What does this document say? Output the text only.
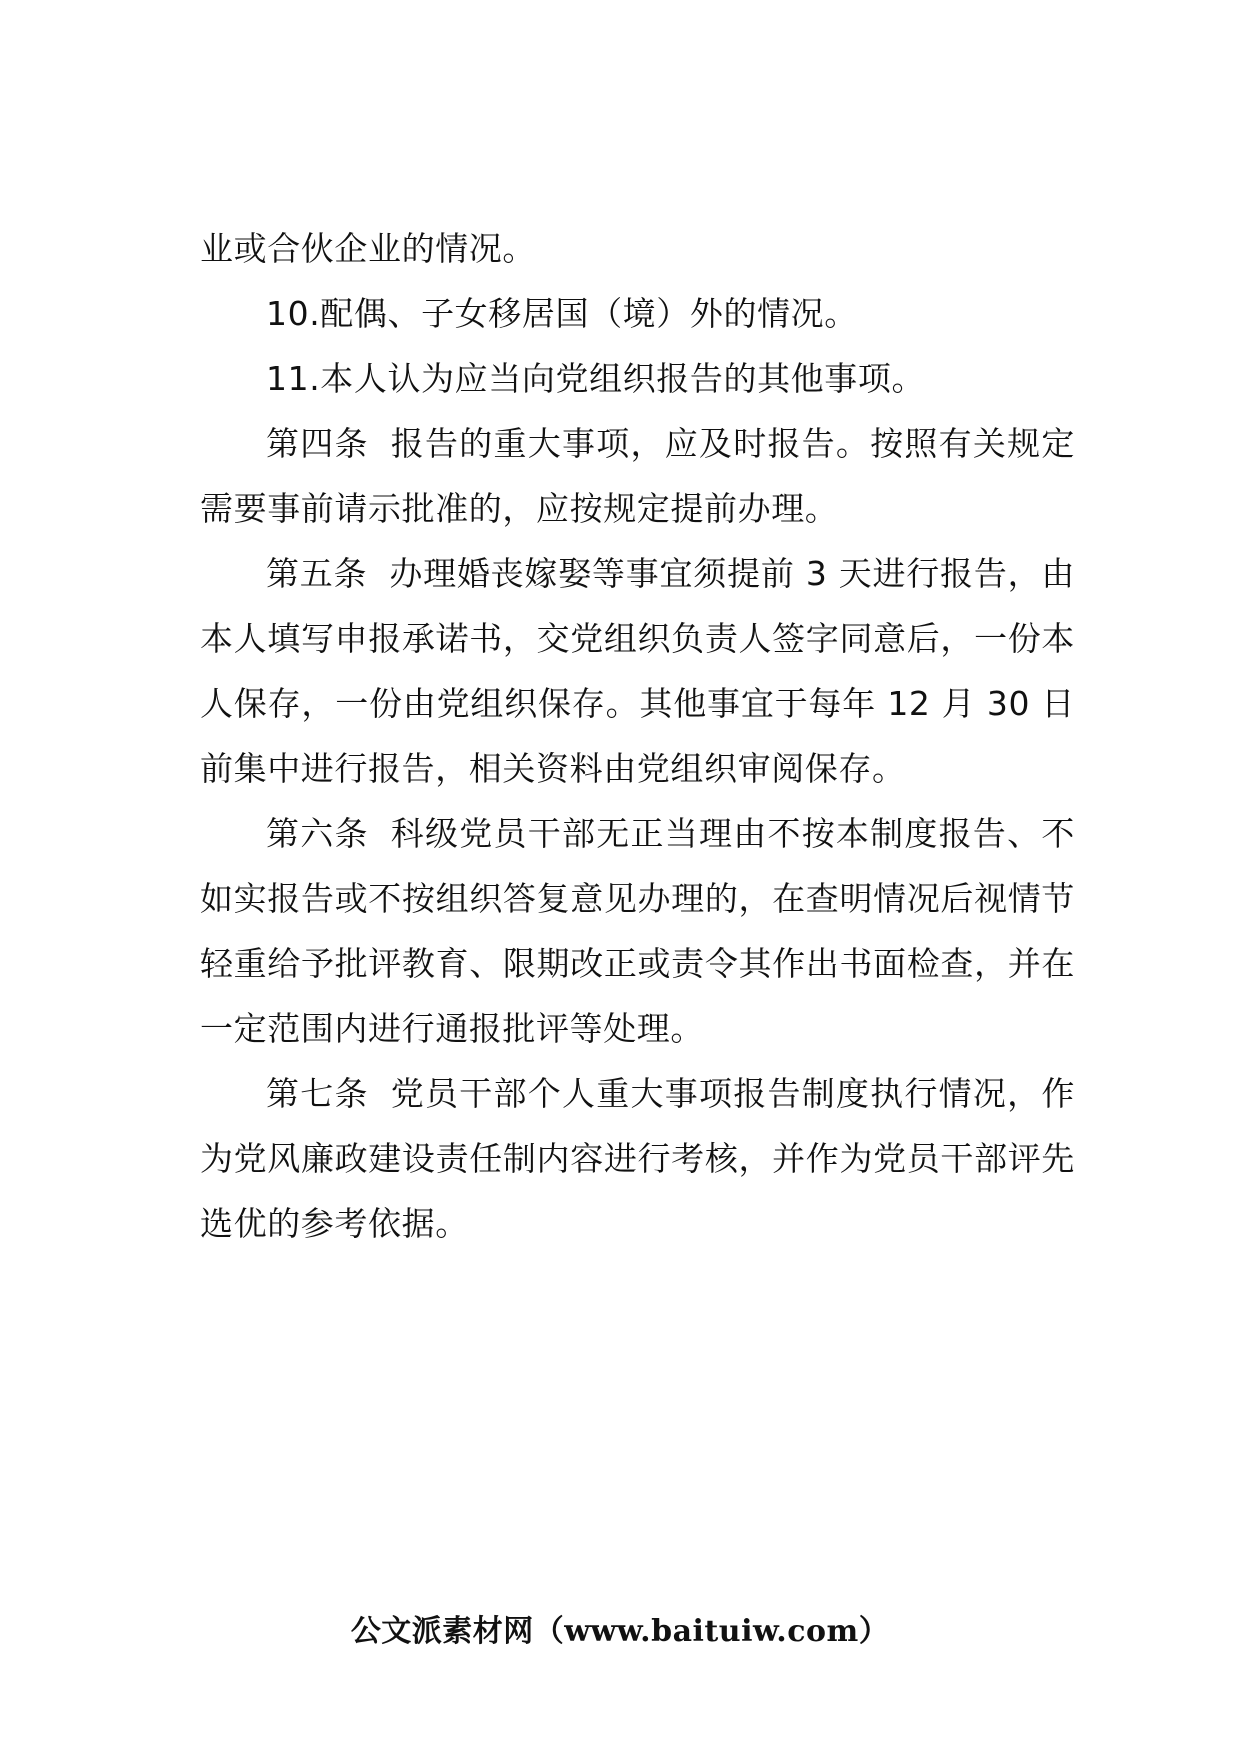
业或合伙企业的情况。

10.配偶、子女移居国（境）外的情况。

11.本人认为应当向党组织报告的其他事项。

第四条 报告的重大事项，应及时报告。按照有关规定需要事前请示批准的，应按规定提前办理。

第五条 办理婚丧嫁娶等事宜须提前 3 天进行报告，由本人填写申报承诺书，交党组织负责人签字同意后，一份本人保存，一份由党组织保存。其他事宜于每年 12 月 30 日前集中进行报告，相关资料由党组织审阅保存。

第六条 科级党员干部无正当理由不按本制度报告、不如实报告或不按组织答复意见办理的，在查明情况后视情节轻重给予批评教育、限期改正或责令其作出书面检查，并在一定范围内进行通报批评等处理。

第七条 党员干部个人重大事项报告制度执行情况，作为党风廉政建设责任制内容进行考核，并作为党员干部评先选优的参考依据。

公文派素材网（www.baituiw.com）
